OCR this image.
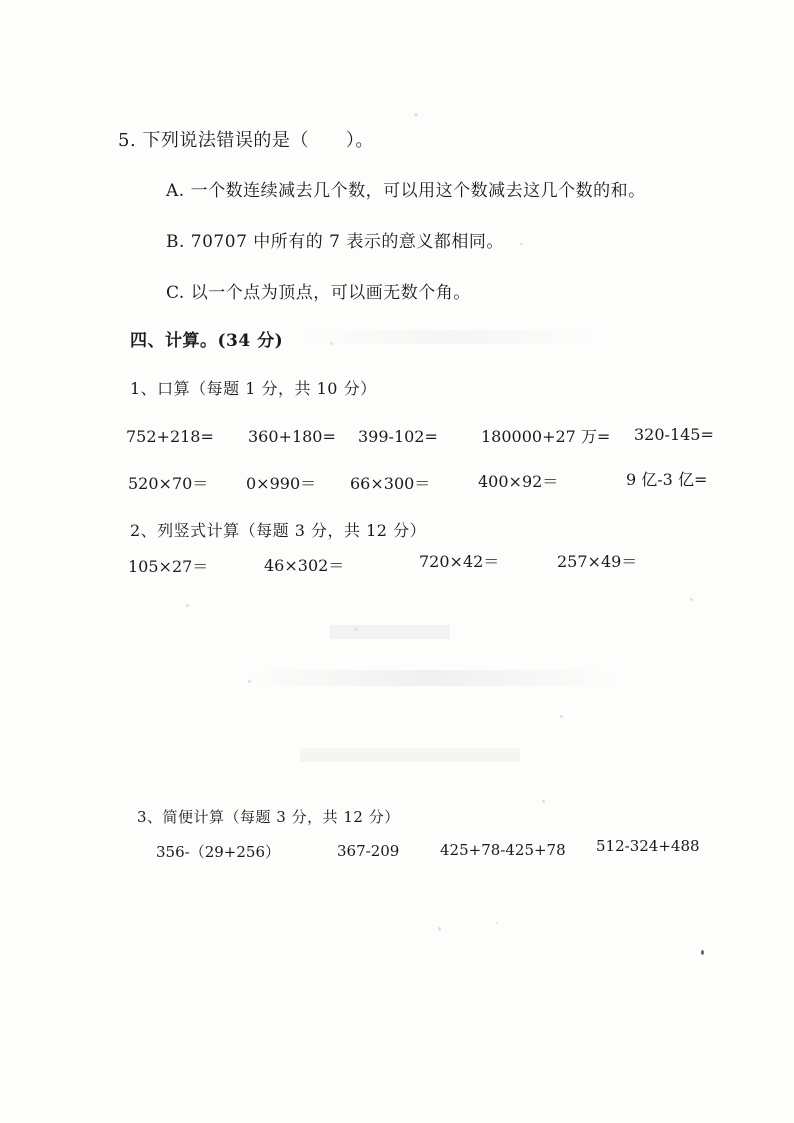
5. 下列说法错误的是（　　）。
A. 一个数连续减去几个数，可以用这个数减去这几个数的和。
B. 70707 中所有的 7 表示的意义都相同。
C. 以一个点为顶点，可以画无数个角。
四、计算。(34 分)
1、口算（每题 1 分，共 10 分）
752+218= 360+180= 399-102=	180000+27 万= 320-145=
520×70＝ 0×990＝ 66×300＝	400×92＝	9 亿-3 亿=
2、列竖式计算（每题 3 分，共 12 分）
105×27＝	46×302＝	720×42＝	257×49＝
3、简便计算（每题 3 分，共 12 分）
356-（29+256）	367-209	425+78-425+78 512-324+488
